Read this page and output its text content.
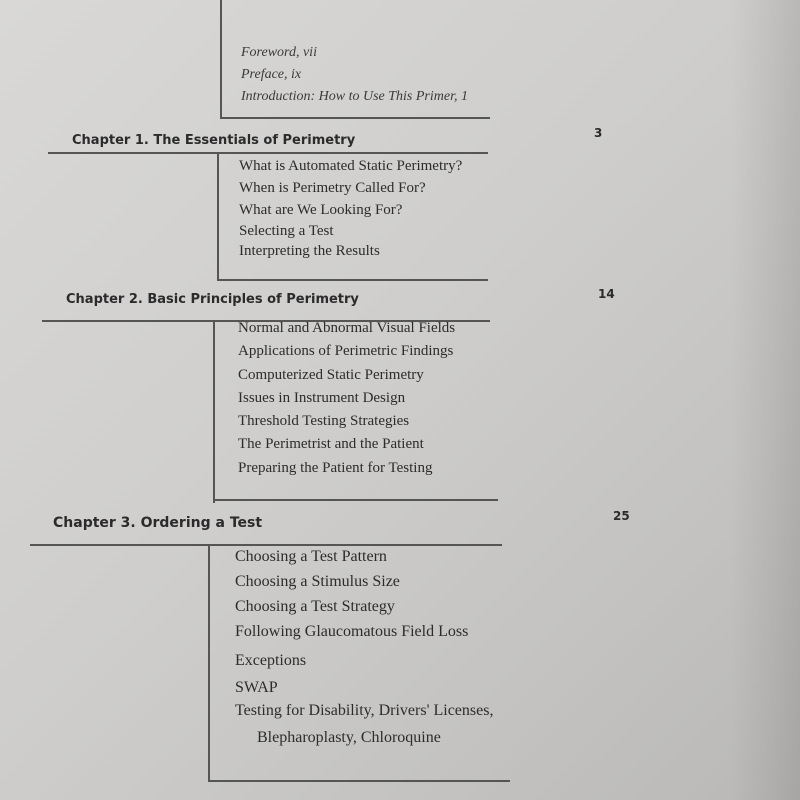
Foreword, vii
Preface, ix
Introduction: How to Use This Primer, 1
Chapter 1. The Essentials of Perimetry	3
What is Automated Static Perimetry?
When is Perimetry Called For?
What are We Looking For?
Selecting a Test
Interpreting the Results
Chapter 2. Basic Principles of Perimetry	14
Normal and Abnormal Visual Fields
Applications of Perimetric Findings
Computerized Static Perimetry
Issues in Instrument Design
Threshold Testing Strategies
The Perimetrist and the Patient
Preparing the Patient for Testing
Chapter 3. Ordering a Test	25
Choosing a Test Pattern
Choosing a Stimulus Size
Choosing a Test Strategy
Following Glaucomatous Field Loss
Exceptions
SWAP
Testing for Disability, Drivers' Licenses,
Blepharoplasty, Chloroquine
